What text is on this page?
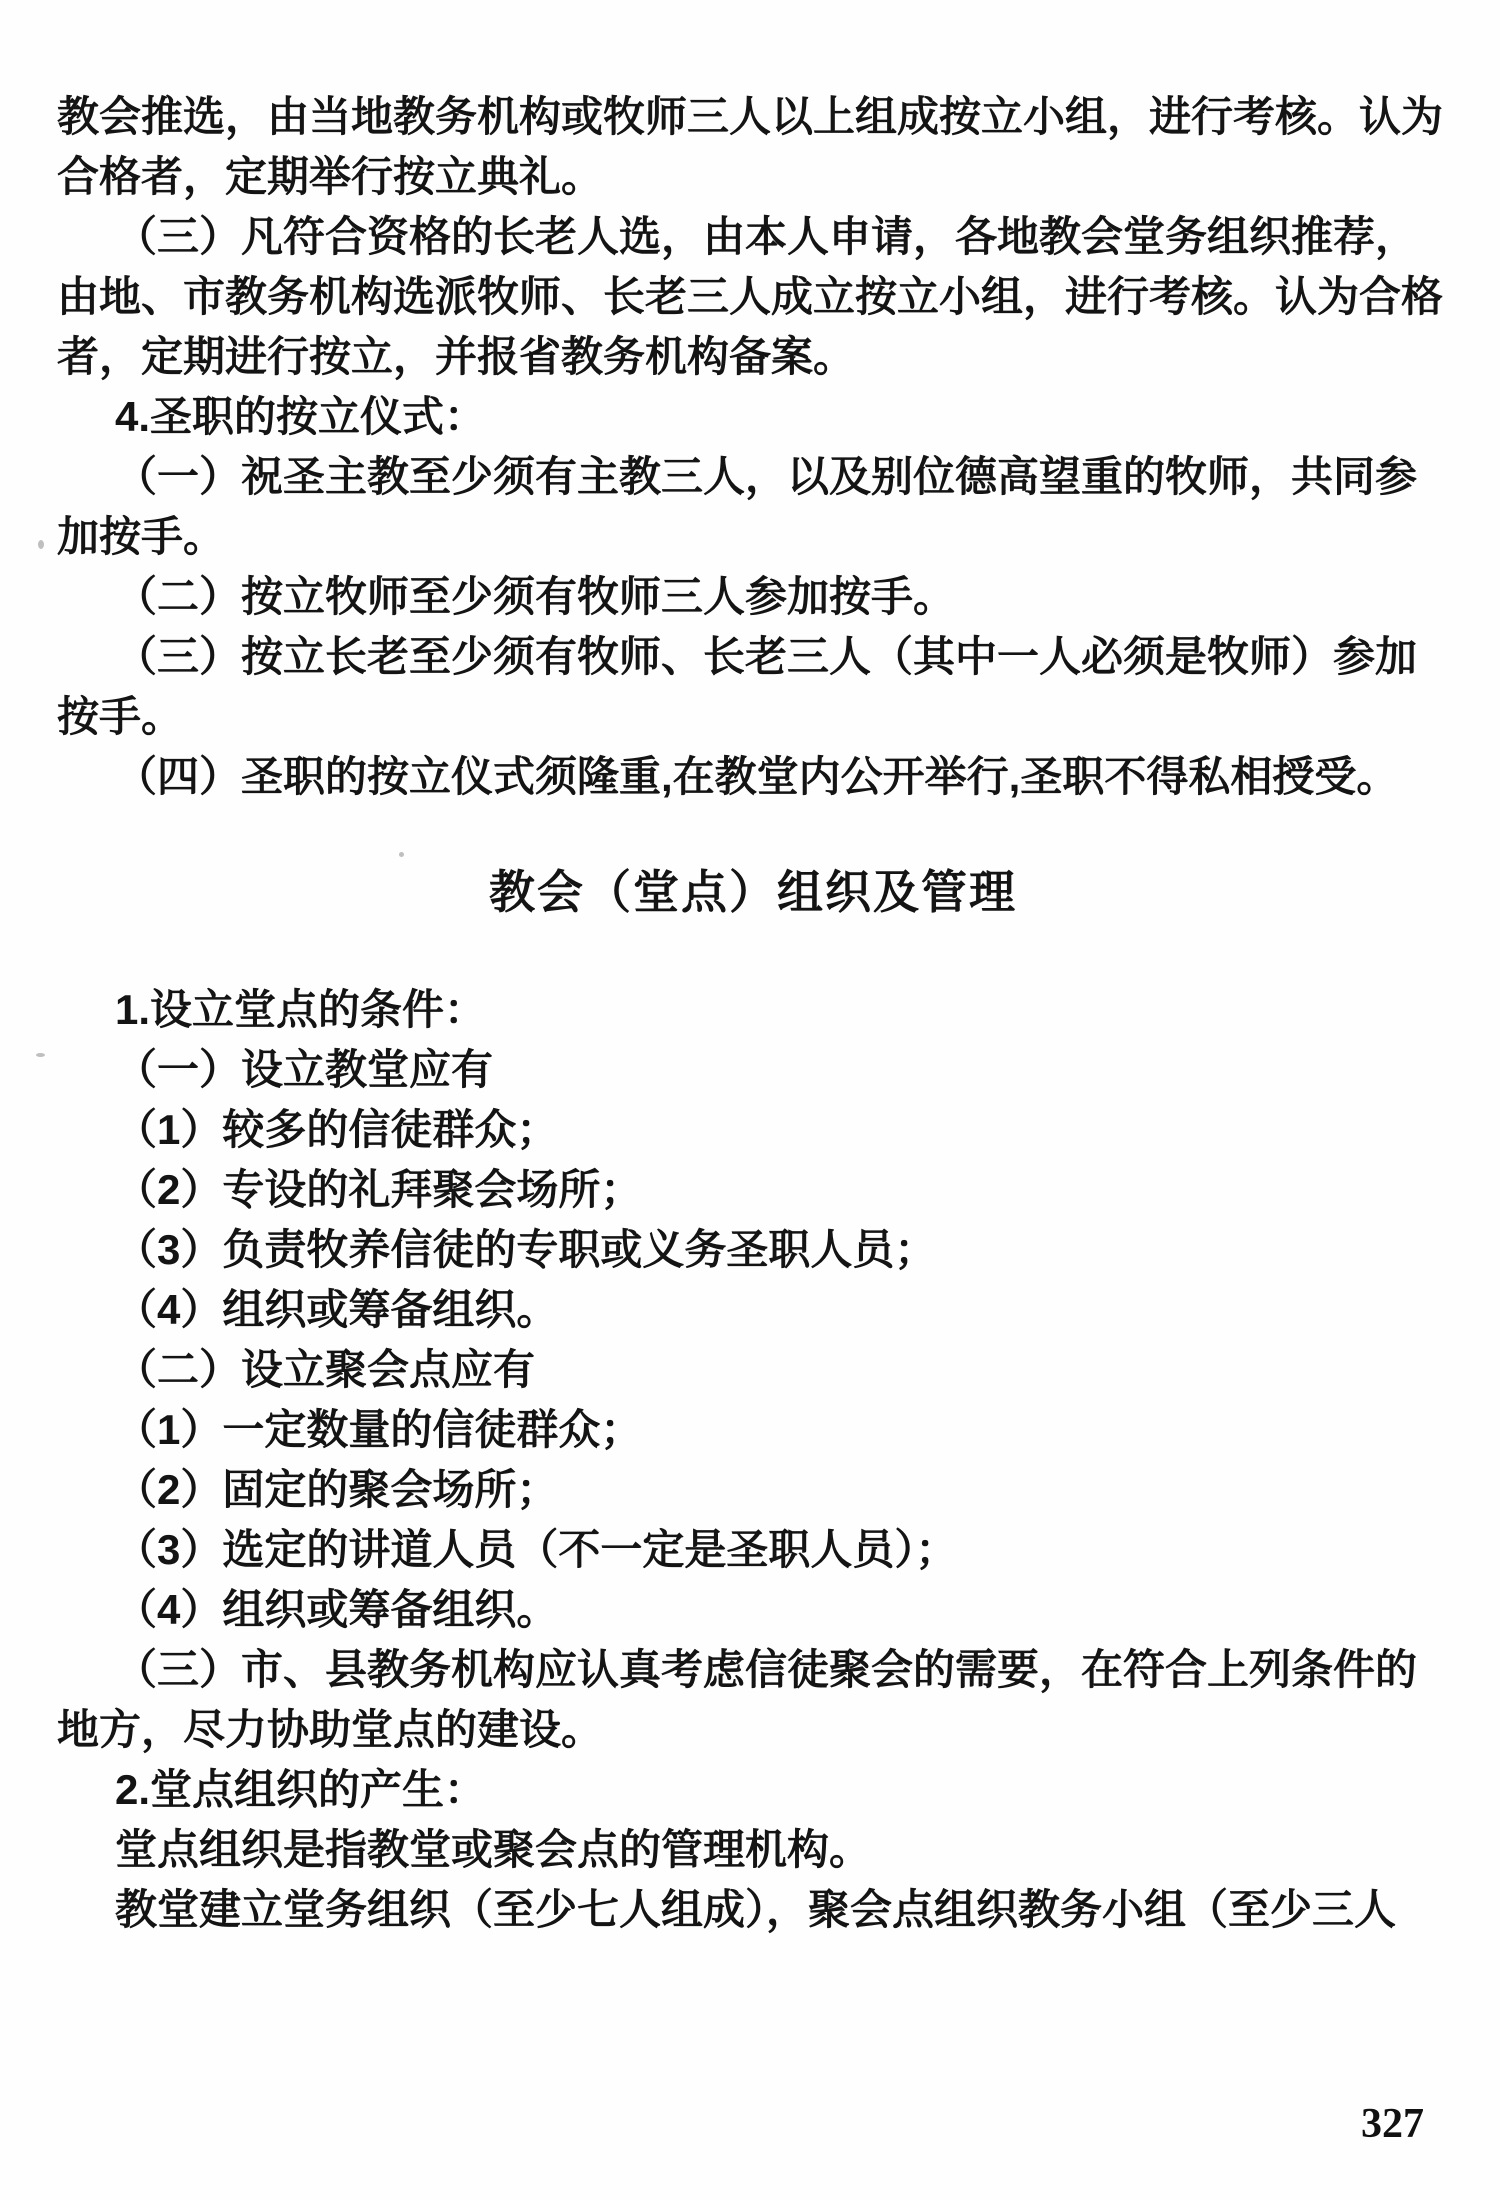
教会推选，由当地教务机构或牧师三人以上组成按立小组，进行考核。认为
合格者，定期举行按立典礼。
（三）凡符合资格的长老人选，由本人申请，各地教会堂务组织推荐，
由地、市教务机构选派牧师、长老三人成立按立小组，进行考核。认为合格
者，定期进行按立，并报省教务机构备案。
4.圣职的按立仪式：
（一）祝圣主教至少须有主教三人，以及别位德高望重的牧师，共同参
加按手。
（二）按立牧师至少须有牧师三人参加按手。
（三）按立长老至少须有牧师、长老三人（其中一人必须是牧师）参加
按手。
（四）圣职的按立仪式须隆重,在教堂内公开举行,圣职不得私相授受。
教会（堂点）组织及管理
1.设立堂点的条件：
（一）设立教堂应有
（1）较多的信徒群众；
（2）专设的礼拜聚会场所；
（3）负责牧养信徒的专职或义务圣职人员；
（4）组织或筹备组织。
（二）设立聚会点应有
（1）一定数量的信徒群众；
（2）固定的聚会场所；
（3）选定的讲道人员（不一定是圣职人员）；
（4）组织或筹备组织。
（三）市、县教务机构应认真考虑信徒聚会的需要，在符合上列条件的
地方，尽力协助堂点的建设。
2.堂点组织的产生：
堂点组织是指教堂或聚会点的管理机构。
教堂建立堂务组织（至少七人组成），聚会点组织教务小组（至少三人
327
